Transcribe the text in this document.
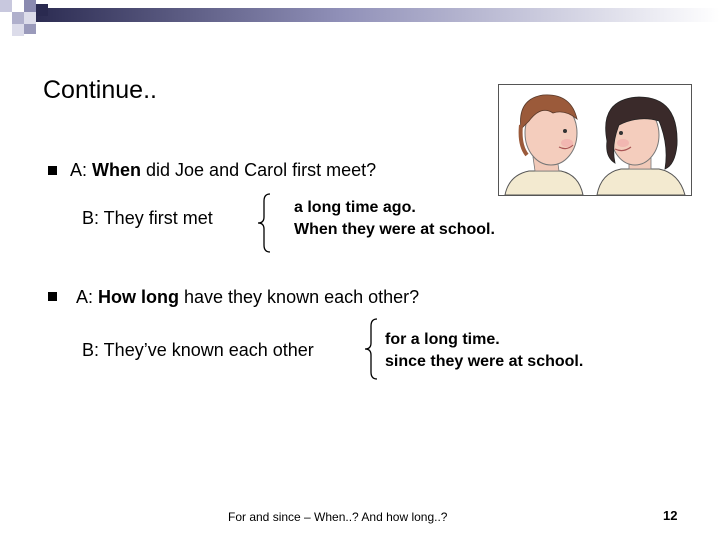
Continue..
A: When did Joe and Carol first meet?
B: They first met
a long time ago.
When they were at school.
A: How long have they known each other?
B: They’ve known each other
for a long time.
since they were at school.
For and since – When..? And how long..?	12
